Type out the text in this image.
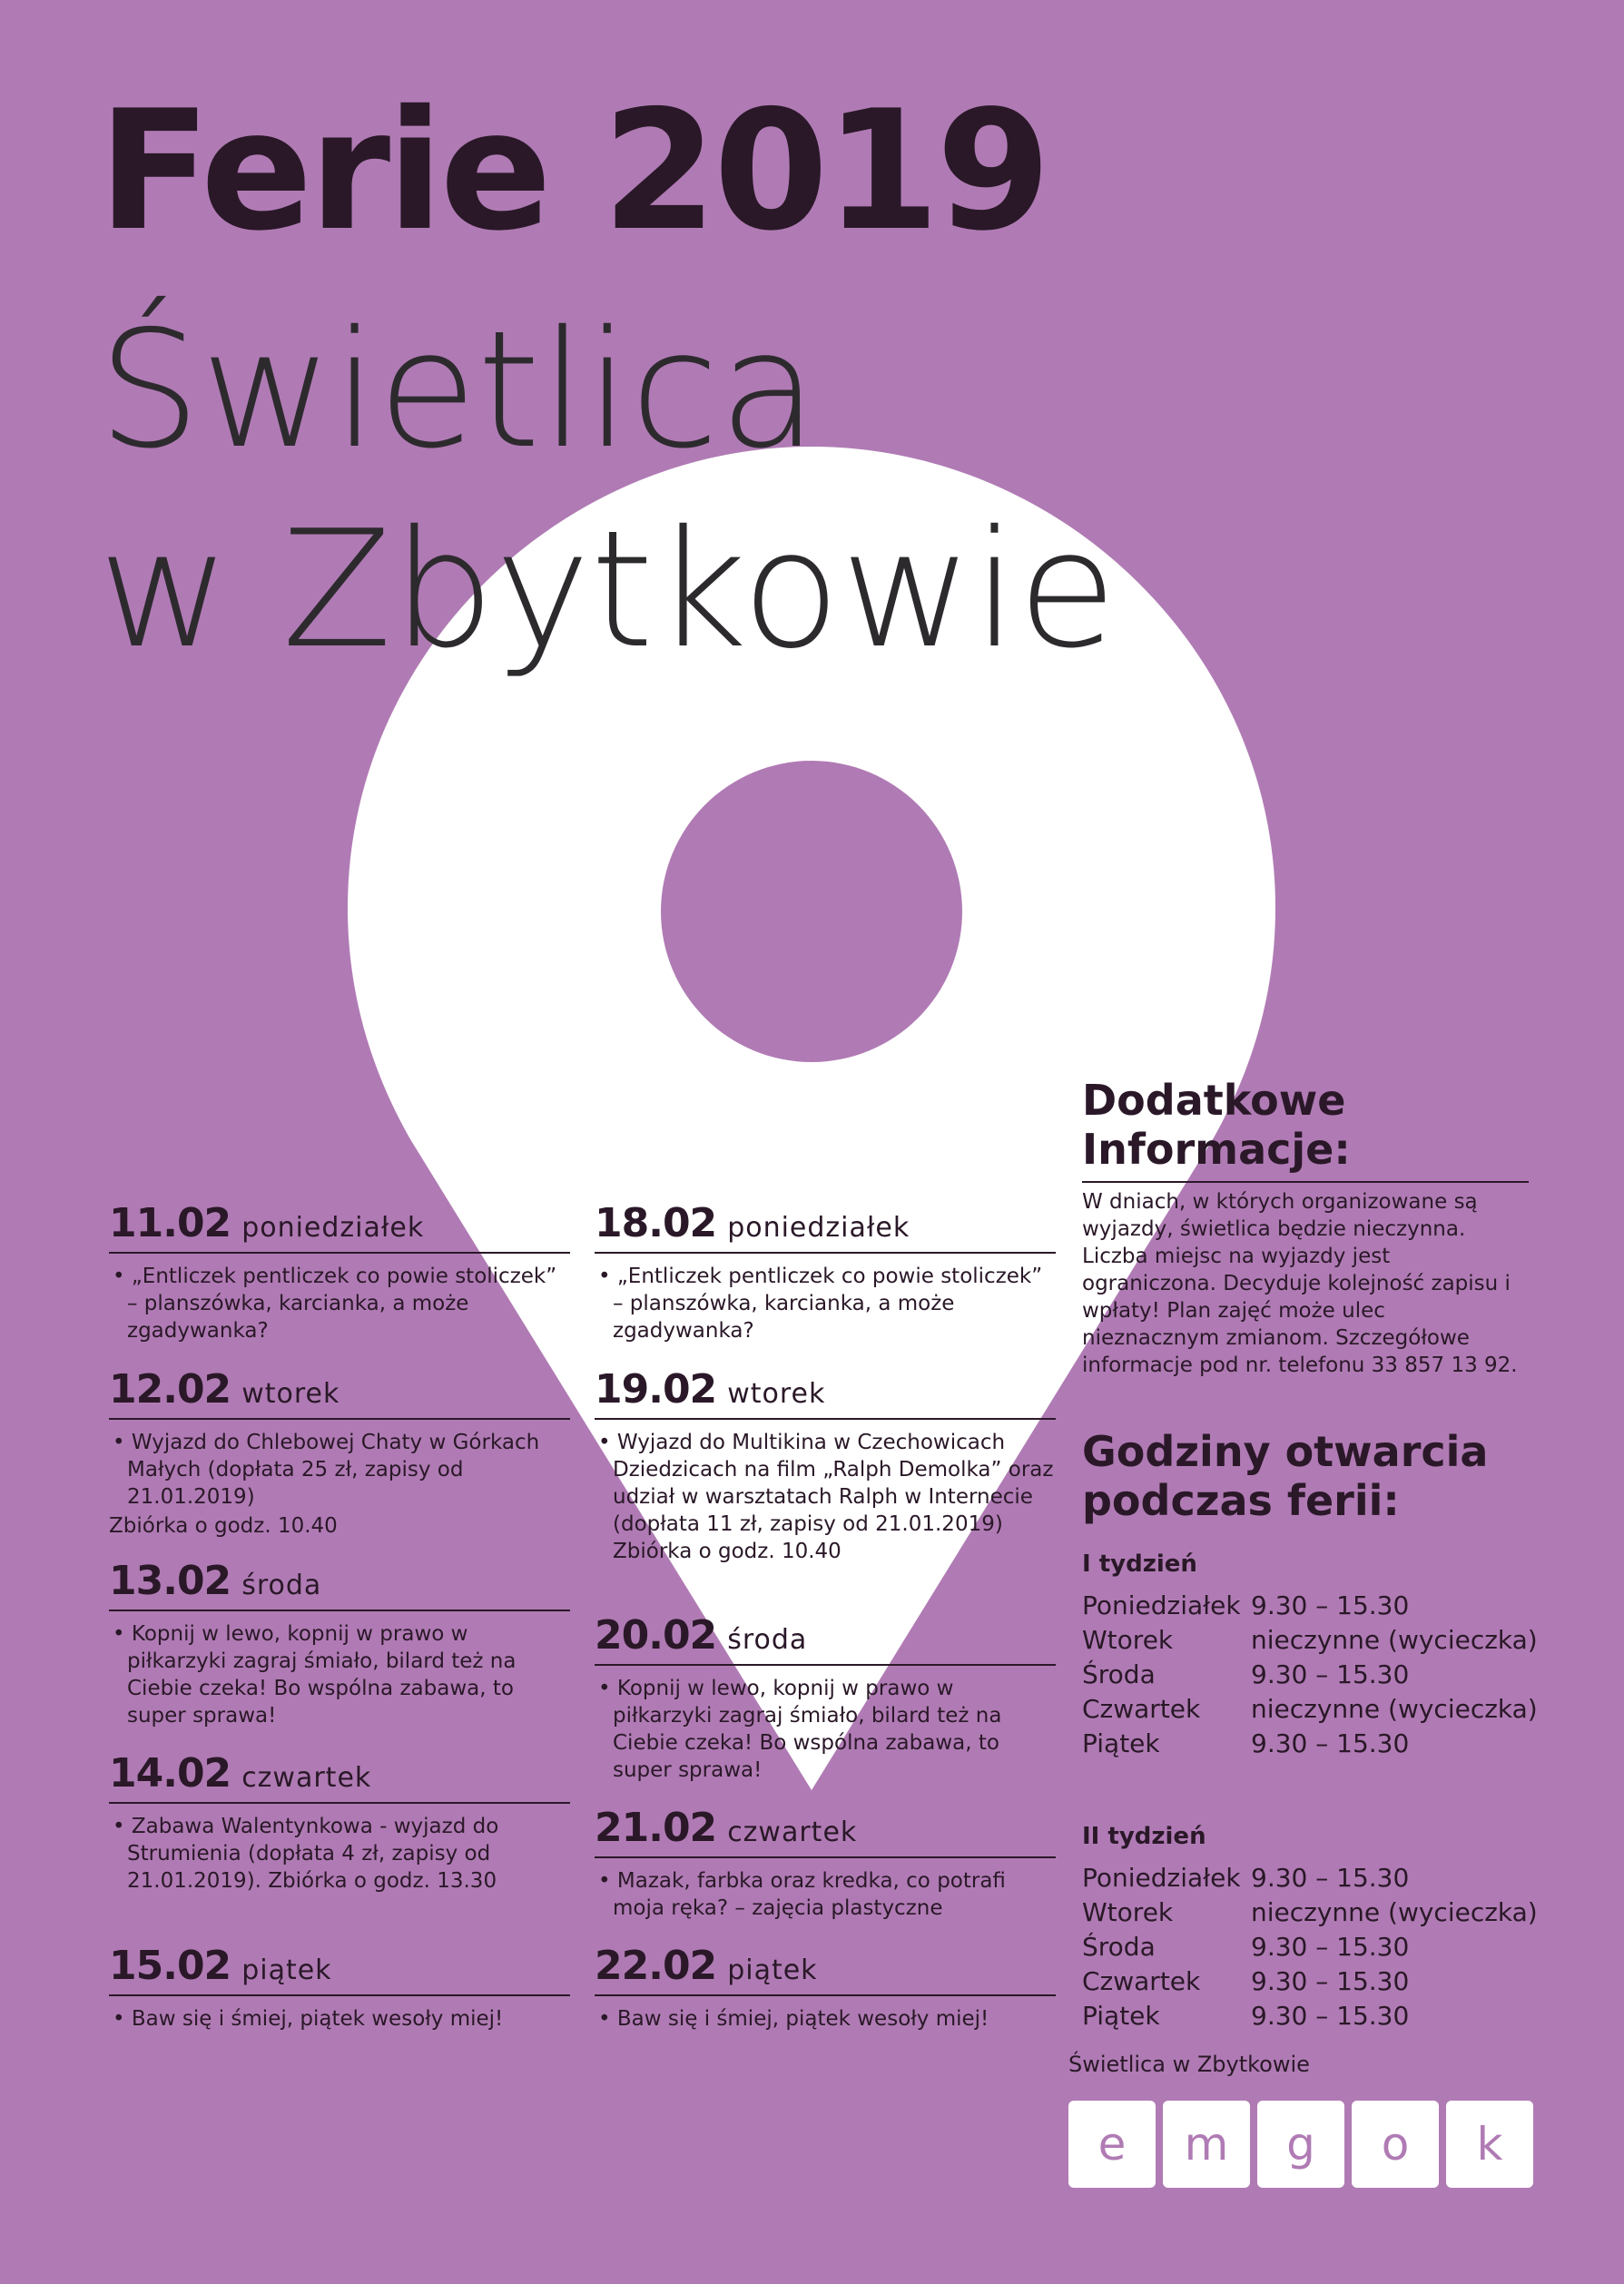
Ferie 2019
Świetlica
w Zbytkowie
11.02 poniedziałek
• „Entliczek pentliczek co powie stoliczek” – planszówka, karcianka, a może zgadywanka?
12.02 wtorek
• Wyjazd do Chlebowej Chaty w Górkach Małych (dopłata 25 zł, zapisy od 21.01.2019)
Zbiórka o godz. 10.40
13.02 środa
• Kopnij w lewo, kopnij w prawo w piłkarzyki zagraj śmiało, bilard też na Ciebie czeka! Bo wspólna zabawa, to super sprawa!
14.02 czwartek
• Zabawa Walentynkowa - wyjazd do Strumienia (dopłata 4 zł, zapisy od 21.01.2019). Zbiórka o godz. 13.30
15.02 piątek
• Baw się i śmiej, piątek wesoły miej!
18.02 poniedziałek
• „Entliczek pentliczek co powie stoliczek” – planszówka, karcianka, a może zgadywanka?
19.02 wtorek
• Wyjazd do Multikina w Czechowicach Dziedzicach na film „Ralph Demolka” oraz udział w warsztatach Ralph w Internecie (dopłata 11 zł, zapisy od 21.01.2019) Zbiórka o godz. 10.40
20.02 środa
• Kopnij w lewo, kopnij w prawo w piłkarzyki zagraj śmiało, bilard też na Ciebie czeka! Bo wspólna zabawa, to super sprawa!
21.02 czwartek
• Mazak, farbka oraz kredka, co potrafi moja ręka? – zajęcia plastyczne
22.02 piątek
• Baw się i śmiej, piątek wesoły miej!
Dodatkowe Informacje:
W dniach, w których organizowane są wyjazdy, świetlica będzie nieczynna. Liczba miejsc na wyjazdy jest ograniczona. Decyduje kolejność zapisu i wpłaty! Plan zajęć może ulec nieznacznym zmianom. Szczegółowe informacje pod nr. telefonu 33 857 13 92.
Godziny otwarcia podczas ferii:
I tydzień
Poniedziałek 9.30 – 15.30
Wtorek	nieczynne (wycieczka)
Środa	9.30 – 15.30
Czwartek	nieczynne (wycieczka)
Piątek	9.30 – 15.30
II tydzień
Poniedziałek 9.30 – 15.30
Wtorek	nieczynne (wycieczka)
Środa	9.30 – 15.30
Czwartek	9.30 – 15.30
Piątek	9.30 – 15.30
Świetlica w Zbytkowie
e	m	g	o	k
